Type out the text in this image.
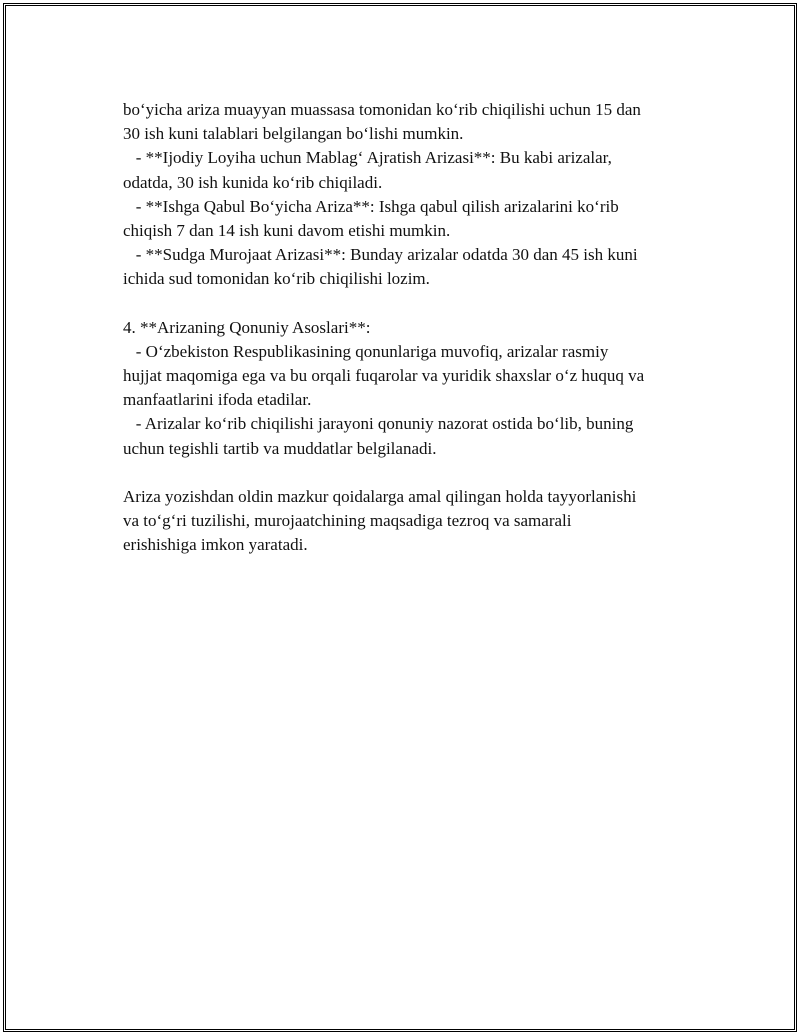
bo‘yicha ariza muayyan muassasa tomonidan ko‘rib chiqilishi uchun 15 dan
30 ish kuni talablari belgilangan bo‘lishi mumkin.
- **Ijodiy Loyiha uchun Mablag‘ Ajratish Arizasi**: Bu kabi arizalar,
odatda, 30 ish kunida ko‘rib chiqiladi.
- **Ishga Qabul Bo‘yicha Ariza**: Ishga qabul qilish arizalarini ko‘rib
chiqish 7 dan 14 ish kuni davom etishi mumkin.
- **Sudga Murojaat Arizasi**: Bunday arizalar odatda 30 dan 45 ish kuni
ichida sud tomonidan ko‘rib chiqilishi lozim.
4. **Arizaning Qonuniy Asoslari**:
- O‘zbekiston Respublikasining qonunlariga muvofiq, arizalar rasmiy
hujjat maqomiga ega va bu orqali fuqarolar va yuridik shaxslar o‘z huquq va
manfaatlarini ifoda etadilar.
- Arizalar ko‘rib chiqilishi jarayoni qonuniy nazorat ostida bo‘lib, buning
uchun tegishli tartib va muddatlar belgilanadi.
Ariza yozishdan oldin mazkur qoidalarga amal qilingan holda tayyorlanishi
va to‘g‘ri tuzilishi, murojaatchining maqsadiga tezroq va samarali
erishishiga imkon yaratadi.
